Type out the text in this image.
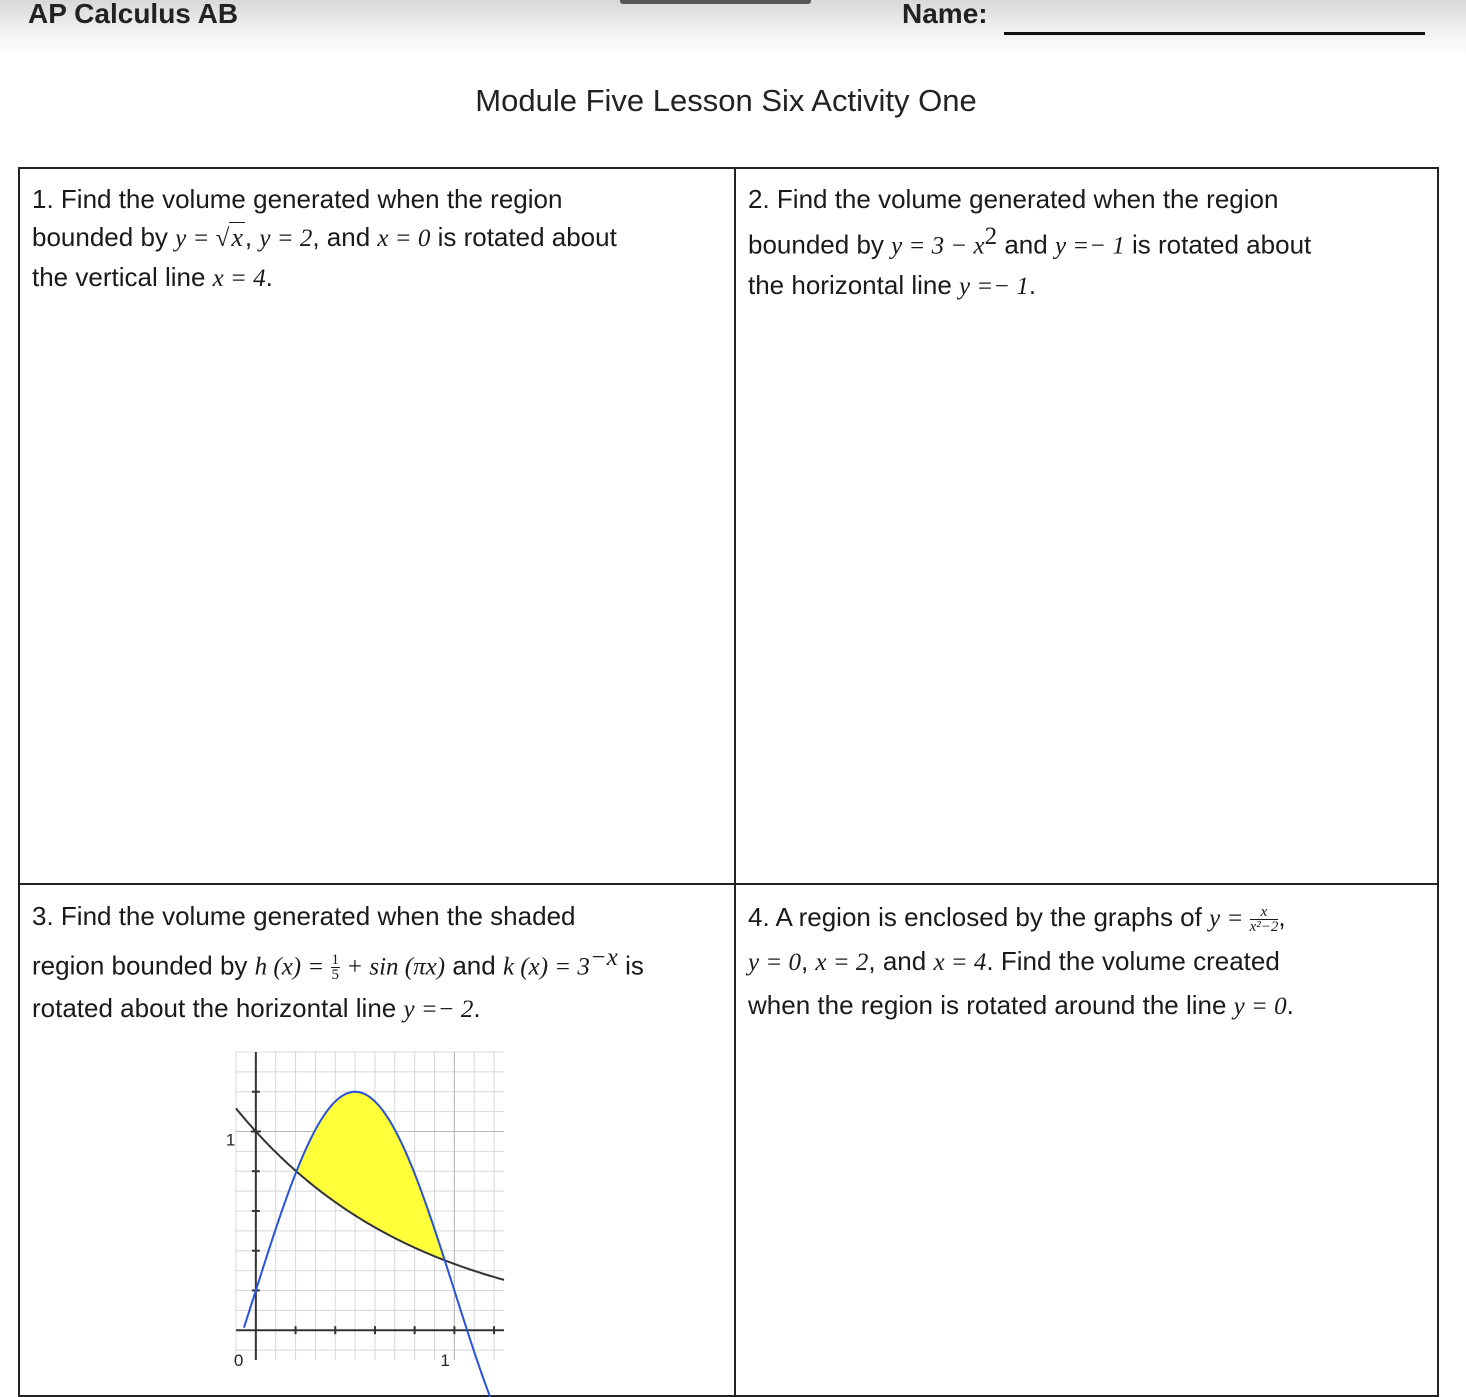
AP Calculus AB	Name:
Module Five Lesson Six Activity One
1. Find the volume generated when the region
bounded by y = √x, y = 2, and x = 0 is rotated about
the vertical line x = 4.
2. Find the volume generated when the region
bounded by $y = 3 - x^2$ and y =− 1 is rotated about
the horizontal line y =− 1.
3. Find the volume generated when the shaded
region bounded by h $(x) = \frac{1}{5} + \sin (\pi x)$ and k $(x) = 3^{-x}$ is
rotated about the horizontal line y =− 2.
4. A region is enclosed by the graphs of $y = \frac{x}{\text{x²−2}}$ ,
y = 0, x = 2, and x = 4. Find the volume created
when the region is rotated around the line y = 0.
0	1
1
